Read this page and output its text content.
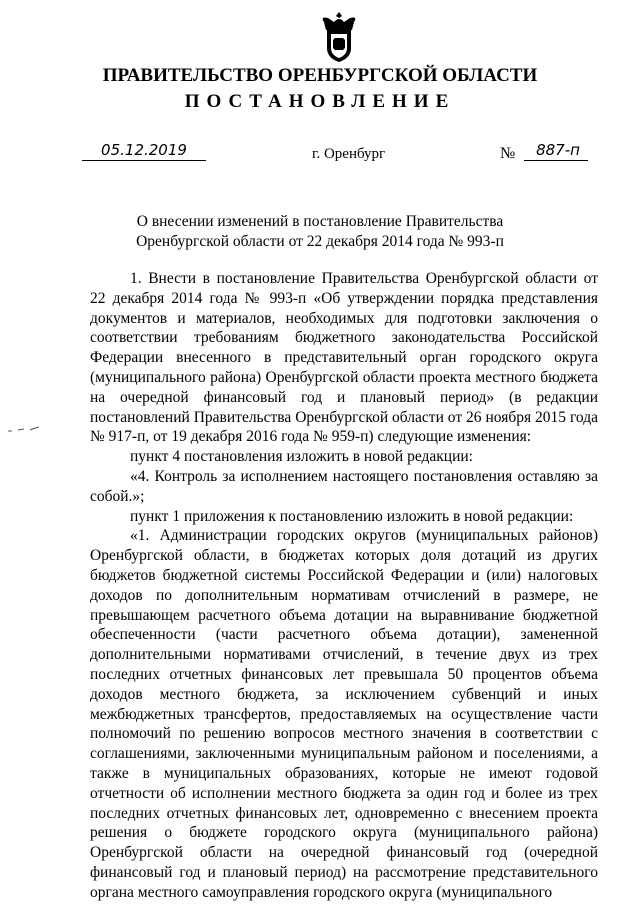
ПРАВИТЕЛЬСТВО ОРЕНБУРГСКОЙ ОБЛАСТИ
ПОСТАНОВЛЕНИЕ
05.12.2019	г. Оренбург	№	887-п
О внесении изменений в постановление Правительства
Оренбургской области от 22 декабря 2014 года № 993-п

1. Внести в постановление Правительства Оренбургской области от 22 декабря 2014 года № 993-п «Об утверждении порядка представления документов и материалов, необходимых для подготовки заключения о соответствии требованиям бюджетного законодательства Российской Федерации внесенного в представительный орган городского округа (муниципального района) Оренбургской области проекта местного бюджета на очередной финансовый год и плановый период» (в редакции постановлений Правительства Оренбургской области от 26 ноября 2015 года № 917-п, от 19 декабря 2016 года № 959-п) следующие изменения:

пункт 4 постановления изложить в новой редакции:

«4. Контроль за исполнением настоящего постановления оставляю за собой.»;

пункт 1 приложения к постановлению изложить в новой редакции:

«1. Администрации городских округов (муниципальных районов) Оренбургской области, в бюджетах которых доля дотаций из других бюджетов бюджетной системы Российской Федерации и (или) налоговых доходов по дополнительным нормативам отчислений в размере, не превышающем расчетного объема дотации на выравнивание бюджетной обеспеченности (части расчетного объема дотации), замененной дополнительными нормативами отчислений, в течение двух из трех последних отчетных финансовых лет превышала 50 процентов объема доходов местного бюджета, за исключением субвенций и иных межбюджетных трансфертов, предоставляемых на осуществление части полномочий по решению вопросов местного значения в соответствии с соглашениями, заключенными муниципальным районом и поселениями, а также в муниципальных образованиях, которые не имеют годовой отчетности об исполнении местного бюджета за один год и более из трех последних отчетных финансовых лет, одновременно с внесением проекта решения о бюджете городского округа (муниципального района) Оренбургской области на очередной финансовый год (очередной финансовый год и плановый период) на рассмотрение представительного органа местного самоуправления городского округа (муниципального
